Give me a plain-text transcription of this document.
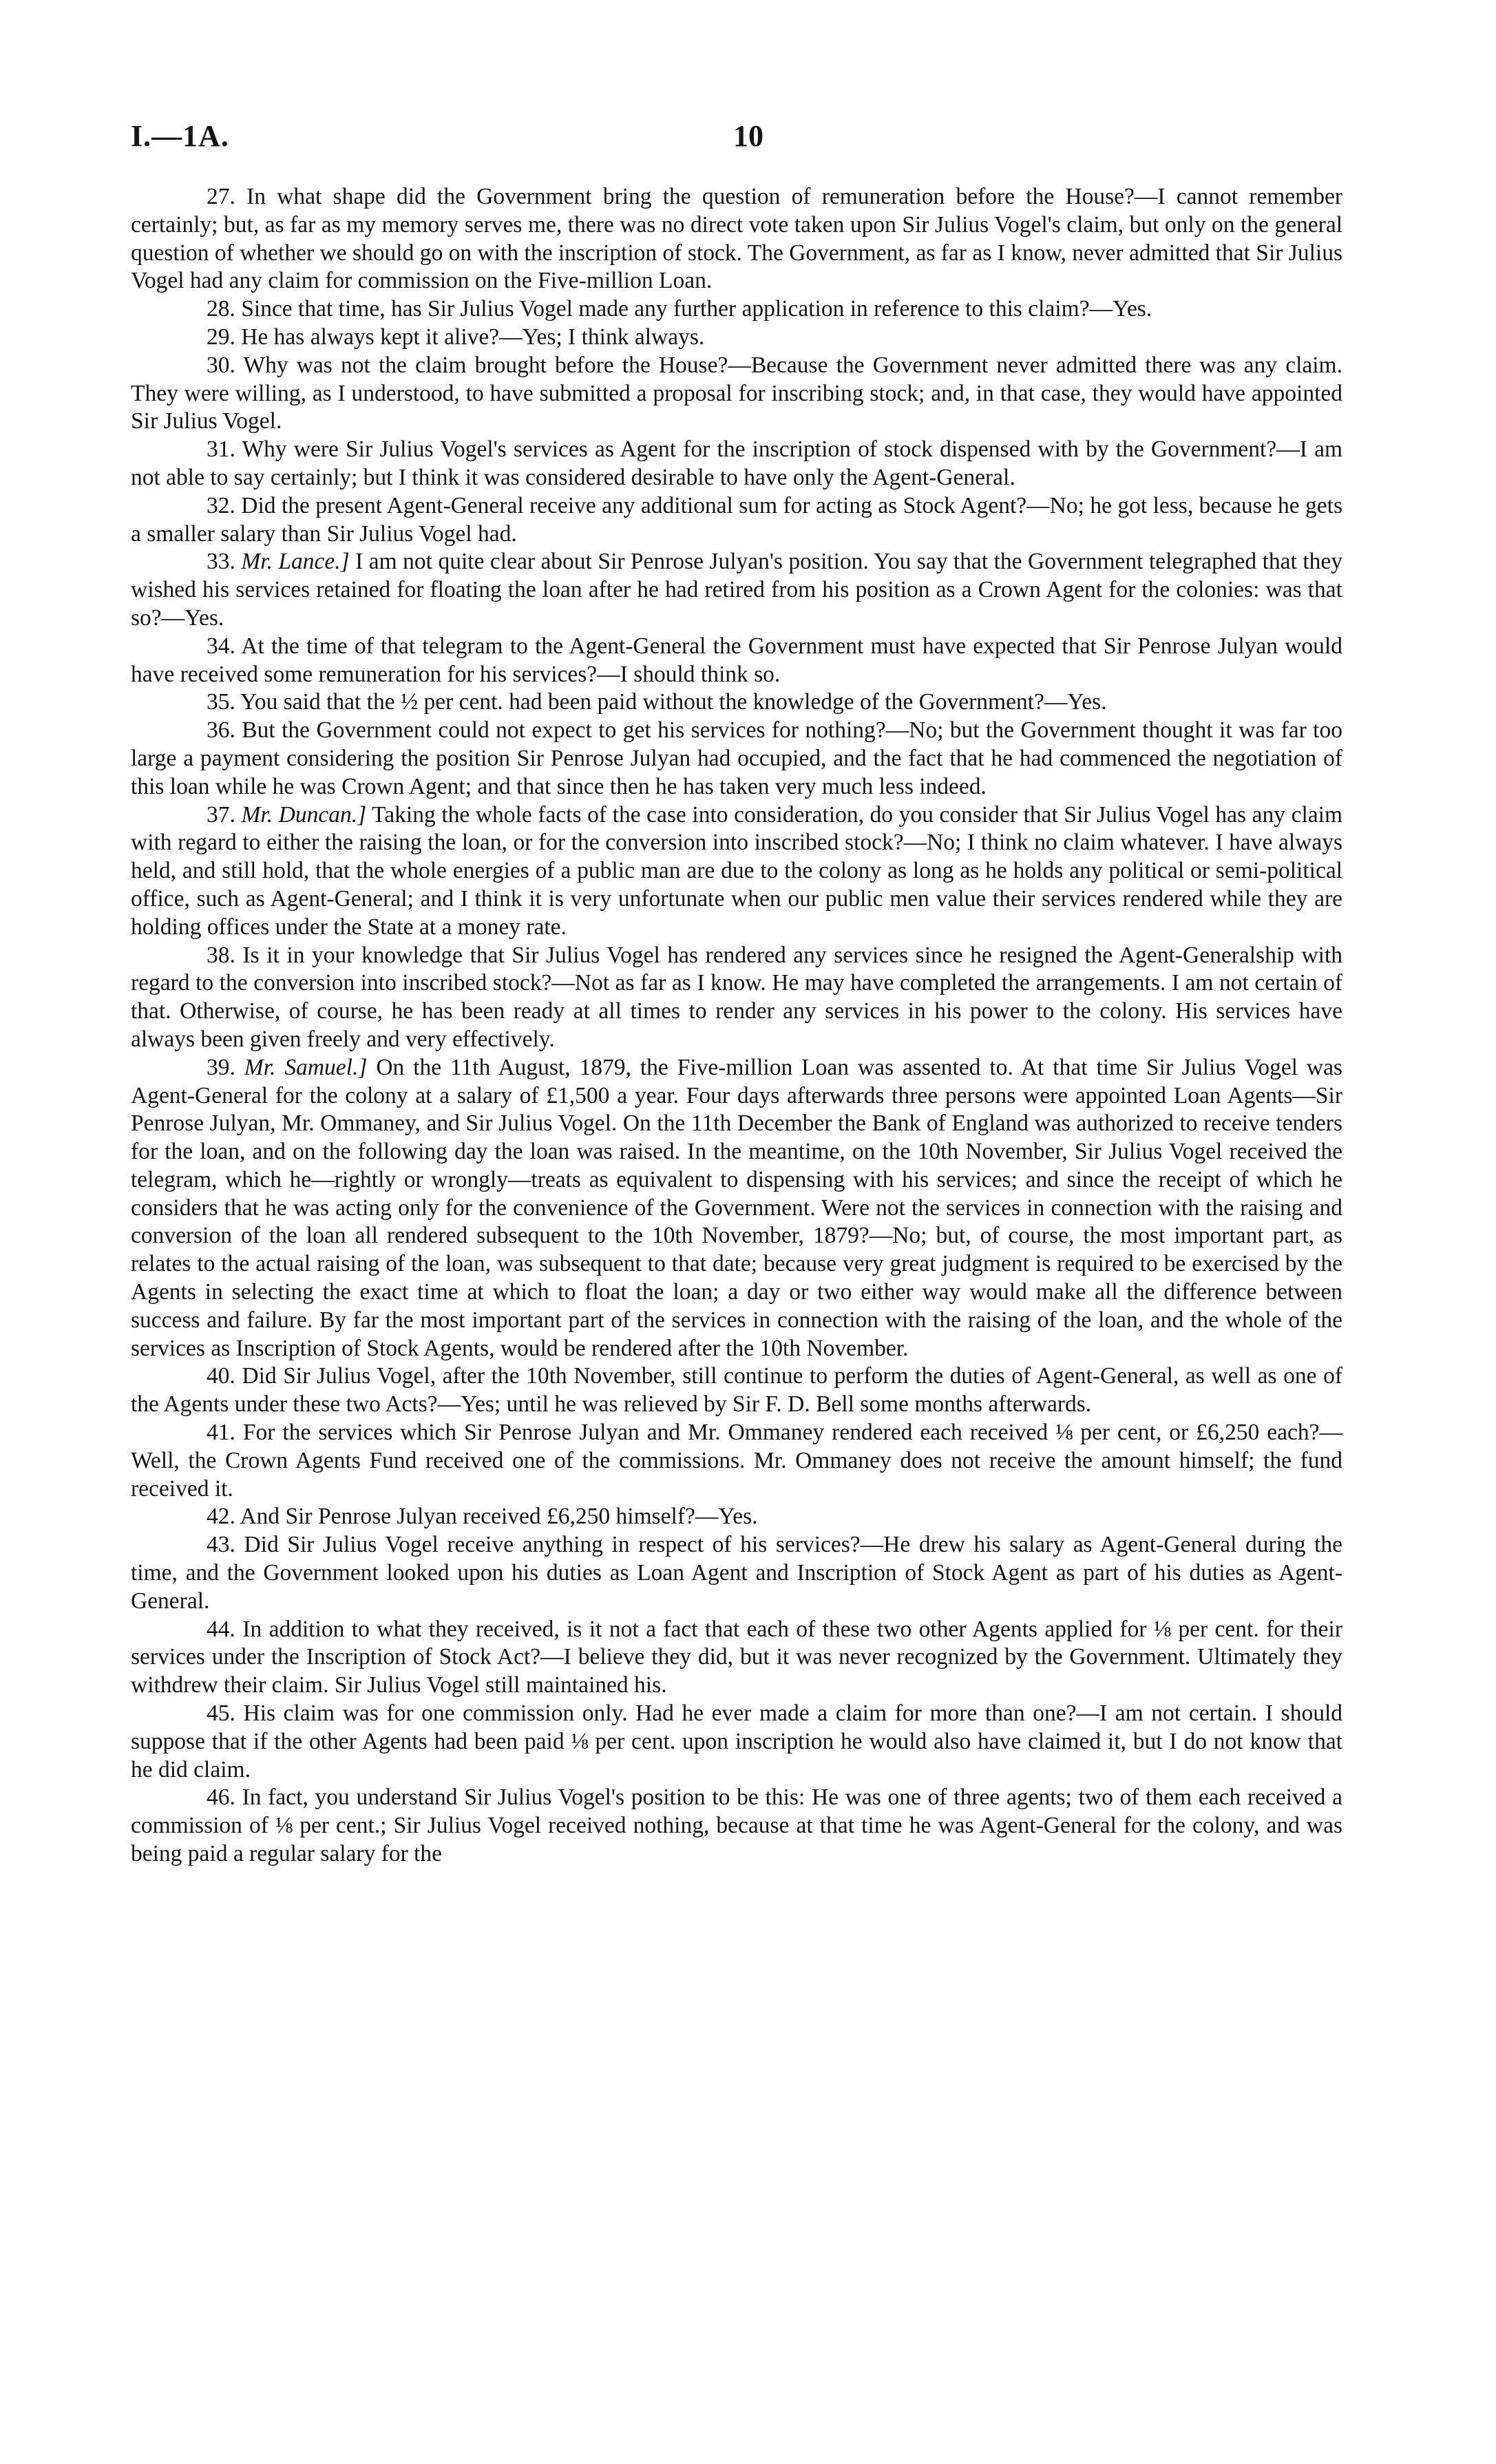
I.—1A.	10

27. In what shape did the Government bring the question of remuneration before the House?—I cannot remember certainly; but, as far as my memory serves me, there was no direct vote taken upon Sir Julius Vogel's claim, but only on the general question of whether we should go on with the inscription of stock. The Government, as far as I know, never admitted that Sir Julius Vogel had any claim for commission on the Five-million Loan.

28. Since that time, has Sir Julius Vogel made any further application in reference to this claim?—Yes.

29. He has always kept it alive?—Yes; I think always.

30. Why was not the claim brought before the House?—Because the Government never admitted there was any claim. They were willing, as I understood, to have submitted a proposal for inscribing stock; and, in that case, they would have appointed Sir Julius Vogel.

31. Why were Sir Julius Vogel's services as Agent for the inscription of stock dispensed with by the Government?—I am not able to say certainly; but I think it was considered desirable to have only the Agent-General.

32. Did the present Agent-General receive any additional sum for acting as Stock Agent?—No; he got less, because he gets a smaller salary than Sir Julius Vogel had.

33. Mr. Lance.] I am not quite clear about Sir Penrose Julyan's position. You say that the Government telegraphed that they wished his services retained for floating the loan after he had retired from his position as a Crown Agent for the colonies: was that so?—Yes.

34. At the time of that telegram to the Agent-General the Government must have expected that Sir Penrose Julyan would have received some remuneration for his services?—I should think so.

35. You said that the ½ per cent. had been paid without the knowledge of the Government?—Yes.

36. But the Government could not expect to get his services for nothing?—No; but the Government thought it was far too large a payment considering the position Sir Penrose Julyan had occupied, and the fact that he had commenced the negotiation of this loan while he was Crown Agent; and that since then he has taken very much less indeed.

37. Mr. Duncan.] Taking the whole facts of the case into consideration, do you consider that Sir Julius Vogel has any claim with regard to either the raising the loan, or for the conversion into inscribed stock?—No; I think no claim whatever. I have always held, and still hold, that the whole energies of a public man are due to the colony as long as he holds any political or semi-political office, such as Agent-General; and I think it is very unfortunate when our public men value their services rendered while they are holding offices under the State at a money rate.

38. Is it in your knowledge that Sir Julius Vogel has rendered any services since he resigned the Agent-Generalship with regard to the conversion into inscribed stock?—Not as far as I know. He may have completed the arrangements. I am not certain of that. Otherwise, of course, he has been ready at all times to render any services in his power to the colony. His services have always been given freely and very effectively.

39. Mr. Samuel.] On the 11th August, 1879, the Five-million Loan was assented to. At that time Sir Julius Vogel was Agent-General for the colony at a salary of £1,500 a year. Four days afterwards three persons were appointed Loan Agents—Sir Penrose Julyan, Mr. Ommaney, and Sir Julius Vogel. On the 11th December the Bank of England was authorized to receive tenders for the loan, and on the following day the loan was raised. In the meantime, on the 10th November, Sir Julius Vogel received the telegram, which he—rightly or wrongly—treats as equivalent to dispensing with his services; and since the receipt of which he considers that he was acting only for the convenience of the Government. Were not the services in connection with the raising and conversion of the loan all rendered subsequent to the 10th November, 1879?—No; but, of course, the most important part, as relates to the actual raising of the loan, was subsequent to that date; because very great judgment is required to be exercised by the Agents in selecting the exact time at which to float the loan; a day or two either way would make all the difference between success and failure. By far the most important part of the services in connection with the raising of the loan, and the whole of the services as Inscription of Stock Agents, would be rendered after the 10th November.

40. Did Sir Julius Vogel, after the 10th November, still continue to perform the duties of Agent-General, as well as one of the Agents under these two Acts?—Yes; until he was relieved by Sir F. D. Bell some months afterwards.

41. For the services which Sir Penrose Julyan and Mr. Ommaney rendered each received ⅛ per cent, or £6,250 each?—Well, the Crown Agents Fund received one of the commissions. Mr. Ommaney does not receive the amount himself; the fund received it.

42. And Sir Penrose Julyan received £6,250 himself?—Yes.

43. Did Sir Julius Vogel receive anything in respect of his services?—He drew his salary as Agent-General during the time, and the Government looked upon his duties as Loan Agent and Inscription of Stock Agent as part of his duties as Agent-General.

44. In addition to what they received, is it not a fact that each of these two other Agents applied for ⅛ per cent. for their services under the Inscription of Stock Act?—I believe they did, but it was never recognized by the Government. Ultimately they withdrew their claim. Sir Julius Vogel still maintained his.

45. His claim was for one commission only. Had he ever made a claim for more than one?—I am not certain. I should suppose that if the other Agents had been paid ⅛ per cent. upon inscription he would also have claimed it, but I do not know that he did claim.

46. In fact, you understand Sir Julius Vogel's position to be this: He was one of three agents; two of them each received a commission of ⅛ per cent.; Sir Julius Vogel received nothing, because at that time he was Agent-General for the colony, and was being paid a regular salary for the
